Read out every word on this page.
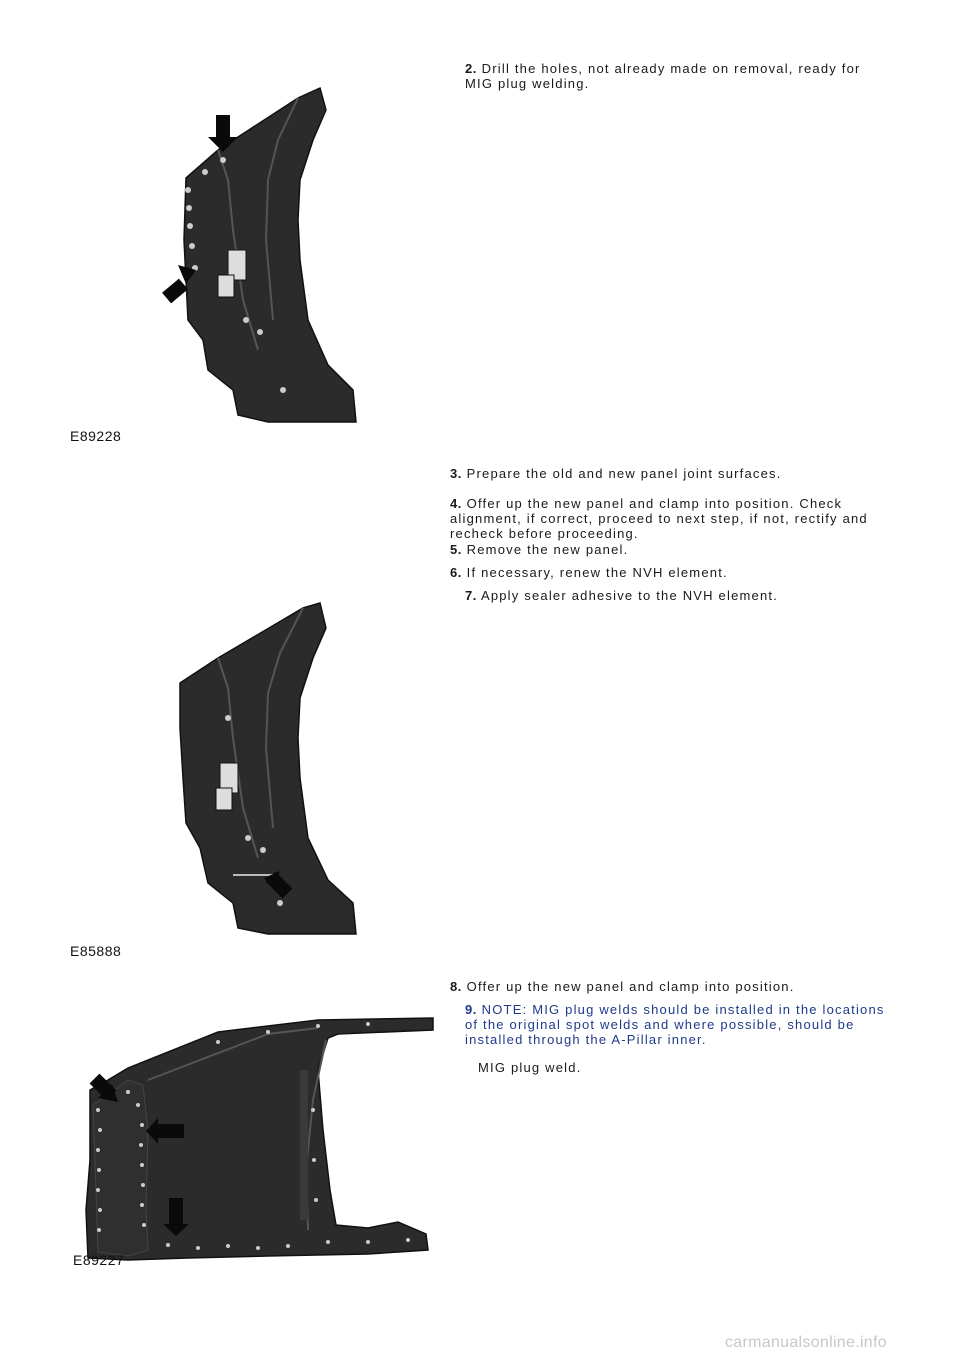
E89228
E85888
E89227
2. Drill the holes, not already made on removal, ready for MIG plug welding.
3. Prepare the old and new panel joint surfaces.
4. Offer up the new panel and clamp into position. Check alignment, if correct, proceed to next step, if not, rectify and recheck before proceeding.
5. Remove the new panel.
6. If necessary, renew the NVH element.
7. Apply sealer adhesive to the NVH element.
8. Offer up the new panel and clamp into position.
9. NOTE: MIG plug welds should be installed in the locations of the original spot welds and where possible, should be installed through the A-Pillar inner.
MIG plug weld.
carmanualsonline.info
